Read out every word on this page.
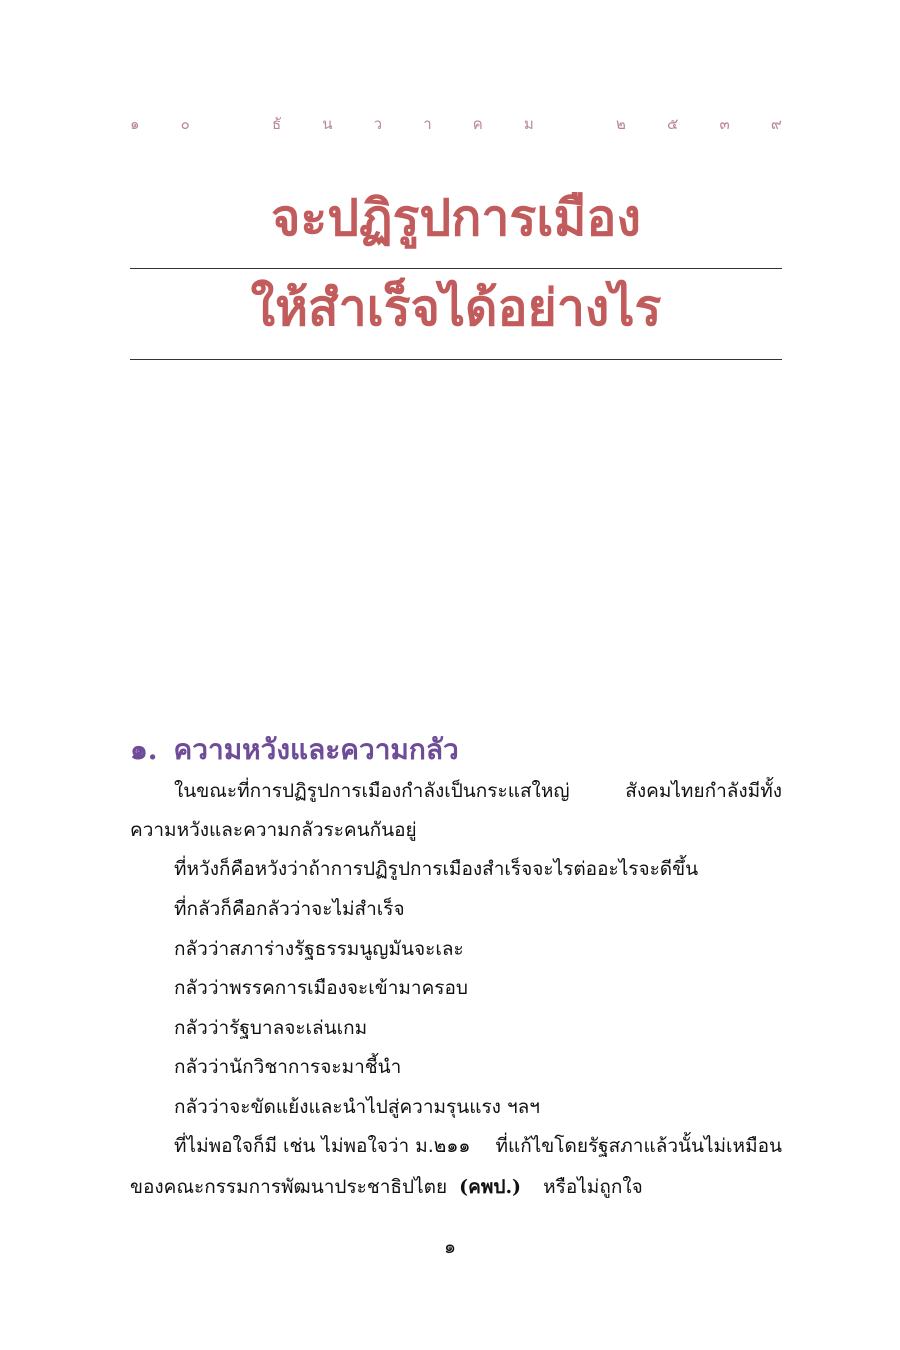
๑	๐	ธั	น	ว	า	ค	ม	๒	๕	๓	๙
จะปฏิรูปการเมือง
ให้สำเร็จได้อย่างไร
๑. ความหวังและความกลัว
ในขณะที่การปฏิรูปการเมืองกำลังเป็นกระแสใหญ่	สังคมไทยกำลังมีทั้ง
ความหวังและความกลัวระคนกันอยู่
ที่หวังก็คือหวังว่าถ้าการปฏิรูปการเมืองสำเร็จจะไรต่ออะไรจะดีขึ้น
ที่กลัวก็คือกลัวว่าจะไม่สำเร็จ
กลัวว่าสภาร่างรัฐธรรมนูญมันจะเละ
กลัวว่าพรรคการเมืองจะเข้ามาครอบ
กลัวว่ารัฐบาลจะเล่นเกม
กลัวว่านักวิชาการจะมาชี้นำ
กลัวว่าจะขัดแย้งและนำไปสู่ความรุนแรง ฯลฯ
ที่ไม่พอใจก็มี เช่น ไม่พอใจว่า ม.๒๑๑ ที่แก้ไขโดยรัฐสภาแล้วนั้นไม่เหมือน
ของคณะกรรมการพัฒนาประชาธิปไตย (คพป.) หรือไม่ถูกใจ
๑
